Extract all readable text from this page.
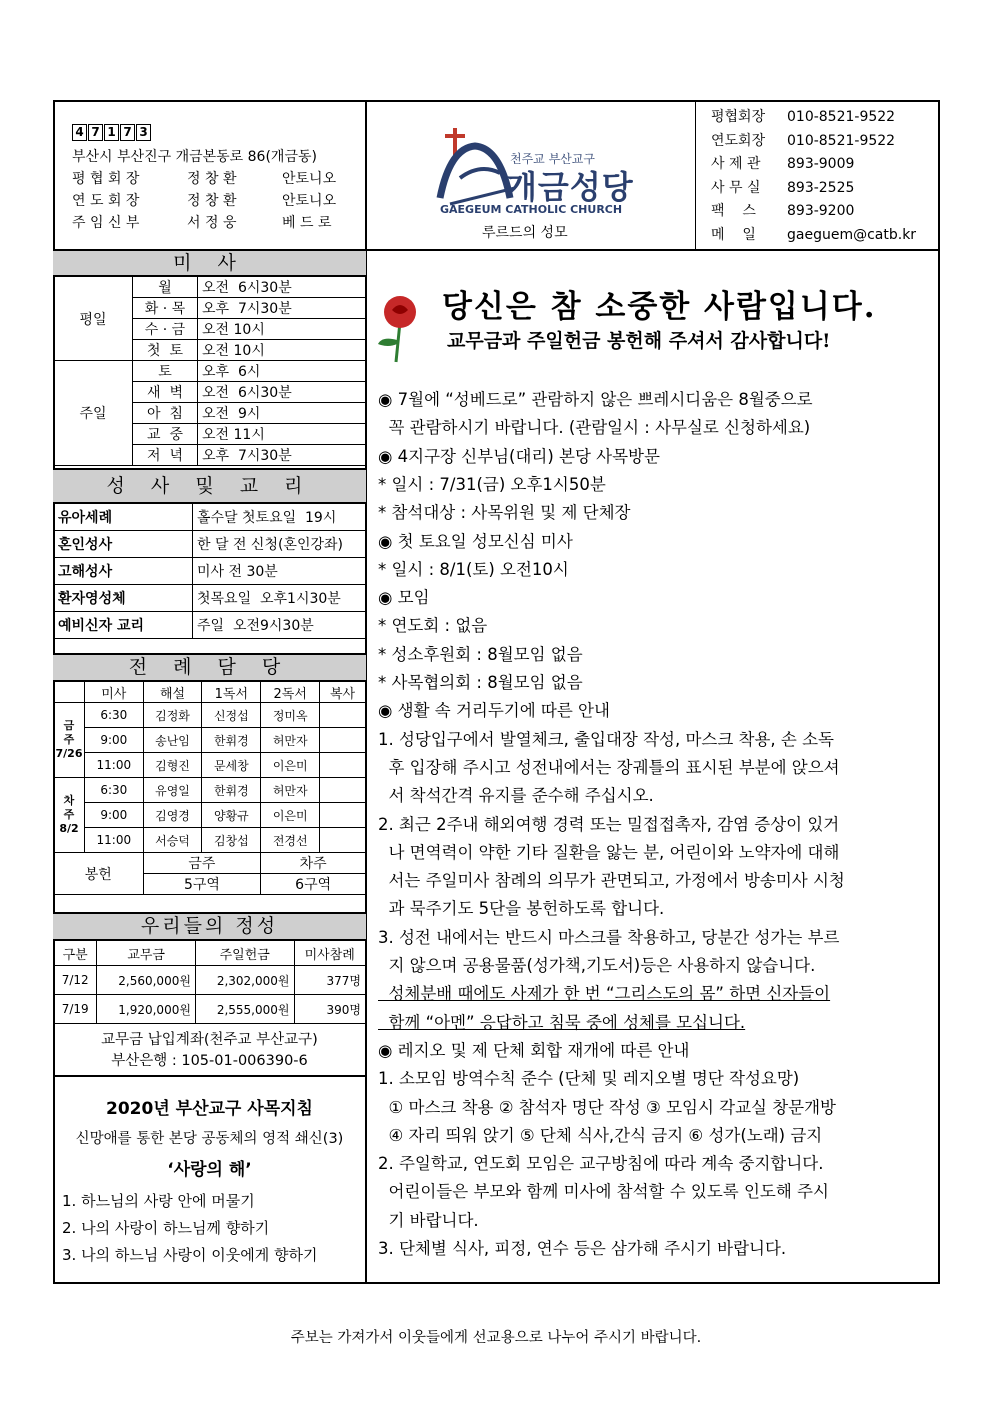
4 7 1 7 3
부산시 부산진구 개금본동로 86(개금동)
평 협 회 장	정 창 환	안토니오
연 도 회 장	정 창 환	안토니오
주 임 신 부	서 정 웅	베 드 로
천주교 부산교구
개금성당
GAEGEUM CATHOLIC CHURCH
루르드의 성모
평협회장	010-8521-9522
연도회장	010-8521-9522
사 제 관	893-9009
사 무 실	893-2525
팩    스	893-9200
메    일	gaeguem@catb.kr
미 사
평일	월	오전  6시30분
	화 · 목	오후  7시30분
	수 · 금	오전 10시
	첫  토	오전 10시
주일	토	오후  6시
	새  벽	오전  6시30분
	아  침	오전  9시
	교  중	오전 11시
	저  녁	오후  7시30분
성 사 및 교 리
유아세례	홀수달 첫토요일  19시
혼인성사	한 달 전 신청(혼인강좌)
고해성사	미사 전 30분
환자영성체	첫목요일  오후1시30분
예비신자 교리	주일  오전9시30분
전 례 담 당
	미사	해설	1독서	2독서	복사
금
주
7/26	6:30	김정화	신정섭	정미옥	
	9:00	송난임	한휘경	허만자	
	11:00	김형진	문세창	이은미	
차
주
8/2	6:30	유영일	한휘경	허만자	
	9:00	김영경	양황규	이은미	
	11:00	서승덕	김창섭	전경선	
봉헌		금주		차주	
		5구역		6구역	
우리들의 정성
구분	교무금	주일헌금	미사참례
7/12	2,560,000원	2,302,000원	377명
7/19	1,920,000원	2,555,000원	390명
교무금 납입계좌(천주교 부산교구)
부산은행 : 105-01-006390-6
2020년 부산교구 사목지침
신망애를 통한 본당 공동체의 영적 쇄신(3)
‘사랑의 해’
1. 하느님의 사랑 안에 머물기
2. 나의 사랑이 하느님께 향하기
3. 나의 하느님 사랑이 이웃에게 향하기
당신은 참 소중한 사람입니다.
교무금과 주일헌금 봉헌해 주셔서 감사합니다!
◉ 7월에 “성베드로” 관람하지 않은 쁘레시디움은 8월중으로
꼭 관람하시기 바랍니다. (관람일시 : 사무실로 신청하세요)
◉ 4지구장 신부님(대리) 본당 사목방문
* 일시 : 7/31(금) 오후1시50분
* 참석대상 : 사목위원 및 제 단체장
◉ 첫 토요일 성모신심 미사
* 일시 : 8/1(토) 오전10시
◉ 모임
* 연도회 : 없음
* 성소후원회 : 8월모임 없음
* 사목협의회 : 8월모임 없음
◉ 생활 속 거리두기에 따른 안내
1. 성당입구에서 발열체크, 출입대장 작성, 마스크 착용, 손 소독
후 입장해 주시고 성전내에서는 장궤틀의 표시된 부분에 앉으셔
서 착석간격 유지를 준수해 주십시오.
2. 최근 2주내 해외여행 경력 또는 밀접접촉자, 감염 증상이 있거
나 면역력이 약한 기타 질환을 앓는 분, 어린이와 노약자에 대해
서는 주일미사 참례의 의무가 관면되고, 가정에서 방송미사 시청
과 묵주기도 5단을 봉헌하도록 합니다.
3. 성전 내에서는 반드시 마스크를 착용하고, 당분간 성가는 부르
지 않으며 공용물품(성가책,기도서)등은 사용하지 않습니다.
성체분배 때에도 사제가 한 번 “그리스도의 몸” 하면 신자들이
함께 “아멘” 응답하고 침묵 중에 성체를 모십니다.
◉ 레지오 및 제 단체 회합 재개에 따른 안내
1. 소모임 방역수칙 준수 (단체 및 레지오별 명단 작성요망)
① 마스크 착용 ② 참석자 명단 작성 ③ 모임시 각교실 창문개방
④ 자리 띄워 앉기 ⑤ 단체 식사,간식 금지 ⑥ 성가(노래) 금지
2. 주일학교, 연도회 모임은 교구방침에 따라 계속 중지합니다.
어린이들은 부모와 함께 미사에 참석할 수 있도록 인도해 주시
기 바랍니다.
3. 단체별 식사, 피정, 연수 등은 삼가해 주시기 바랍니다.
주보는 가져가서 이웃들에게 선교용으로 나누어 주시기 바랍니다.
